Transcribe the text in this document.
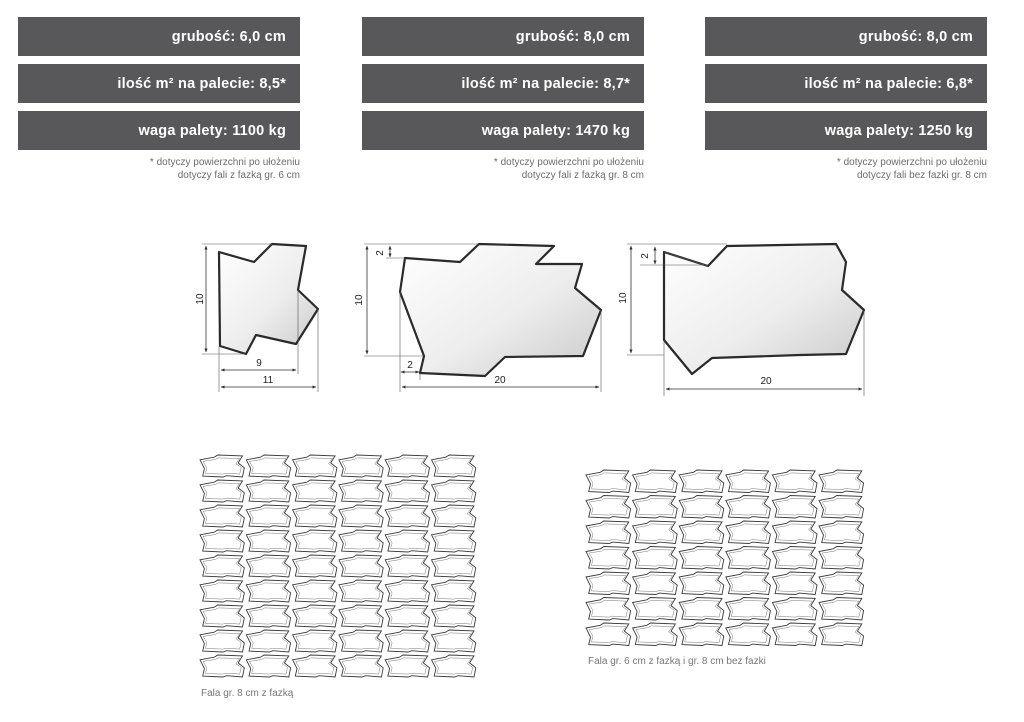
grubość: 6,0 cm
ilość m² na palecie: 8,5*
waga palety: 1100 kg
* dotyczy powierzchni po ułożeniu
dotyczy fali z fazką gr. 6 cm
grubość: 8,0 cm
ilość m² na palecie: 8,7*
waga palety: 1470 kg
* dotyczy powierzchni po ułożeniu
dotyczy fali z fazką gr. 8 cm
grubość: 8,0 cm
ilość m² na palecie: 6,8*
waga palety: 1250 kg
* dotyczy powierzchni po ułożeniu
dotyczy fali bez fazki gr. 8 cm
10
9
11
10
2
2
20
10
2
20
Fala gr. 8 cm z fazką
Fala gr. 6 cm z fazką i gr. 8 cm bez fazki
